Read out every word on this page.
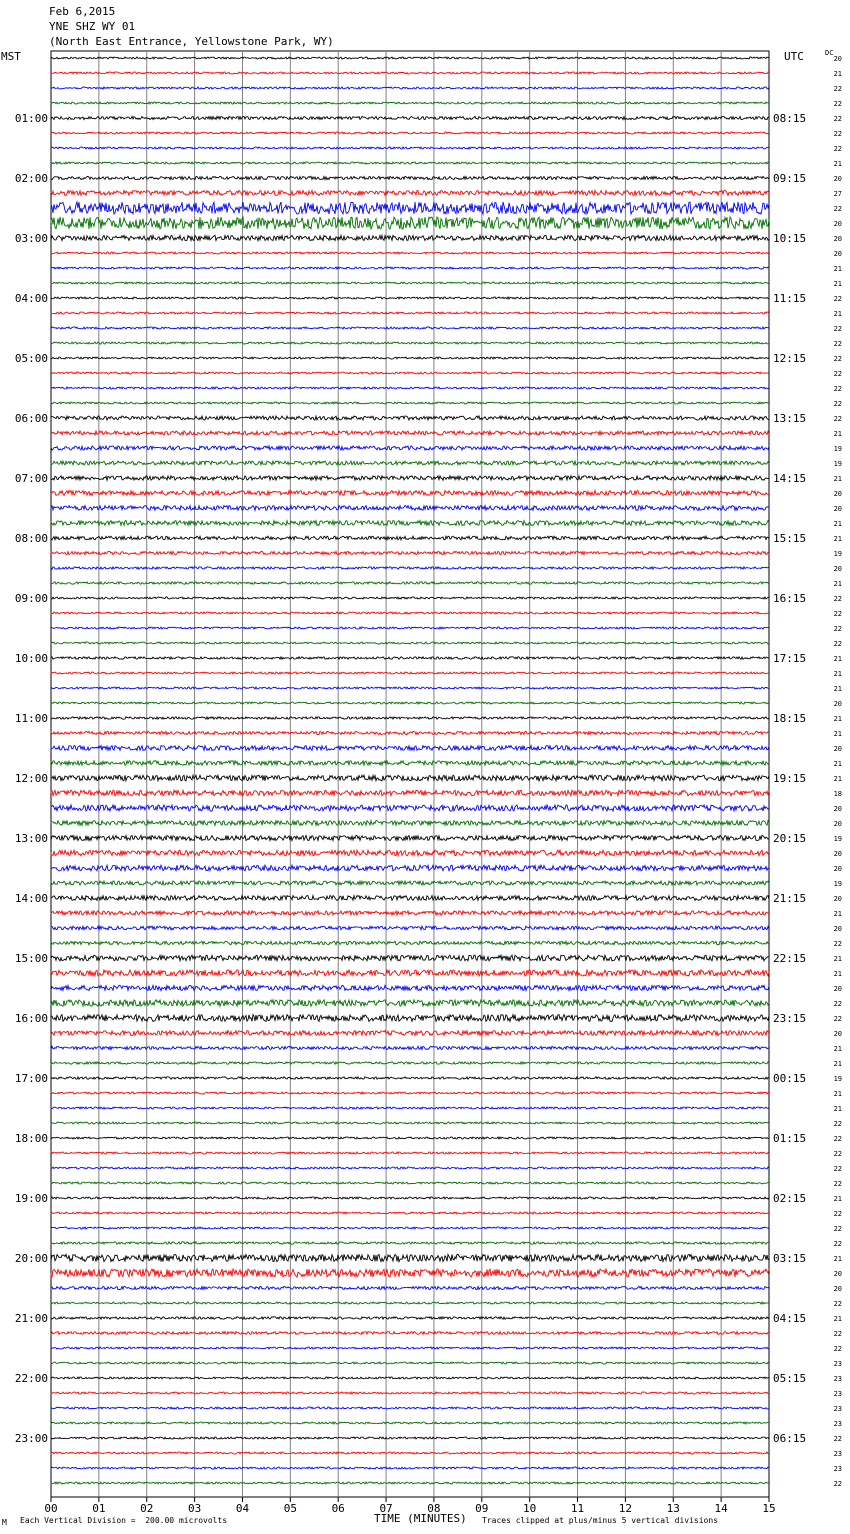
00	01	02	03	04	05	06	07	08	09	10	11	12	13	14	15
20
21
22
22
22
22
22
21
20
27
22
20
20
20
21
21
22
21
22
22
22
22
22
22
22
21
19
19
21
20
20
21
21
19
20
21
22
22
22
22
21
21
21
20
21
21
20
21
21
18
20
20
19
20
20
19
20
21
20
22
21
21
20
22
22
20
21
21
19
21
21
22
22
22
22
22
21
22
22
22
21
20
20
22
21
22
22
23
23
23
23
23
22
23
23
22
01:00
02:00
03:00
04:00
05:00
06:00
07:00
08:00
09:00
10:00
11:00
12:00
13:00
14:00
15:00
16:00
17:00
18:00
19:00
20:00
21:00
22:00
23:00
08:15
09:15
10:15
11:15
12:15
13:15
14:15
15:15
16:15
17:15
18:15
19:15
20:15
21:15
22:15
23:15
00:15
01:15
02:15
03:15
04:15
05:15
06:15
Feb 6,2015
YNE SHZ WY 01
(North East Entrance, Yellowstone Park, WY)
MST	UTC	DC
M Each Vertical Division =  200.00 microvolts	TIME (MINUTES) Traces clipped at plus/minus 5 vertical divisions
